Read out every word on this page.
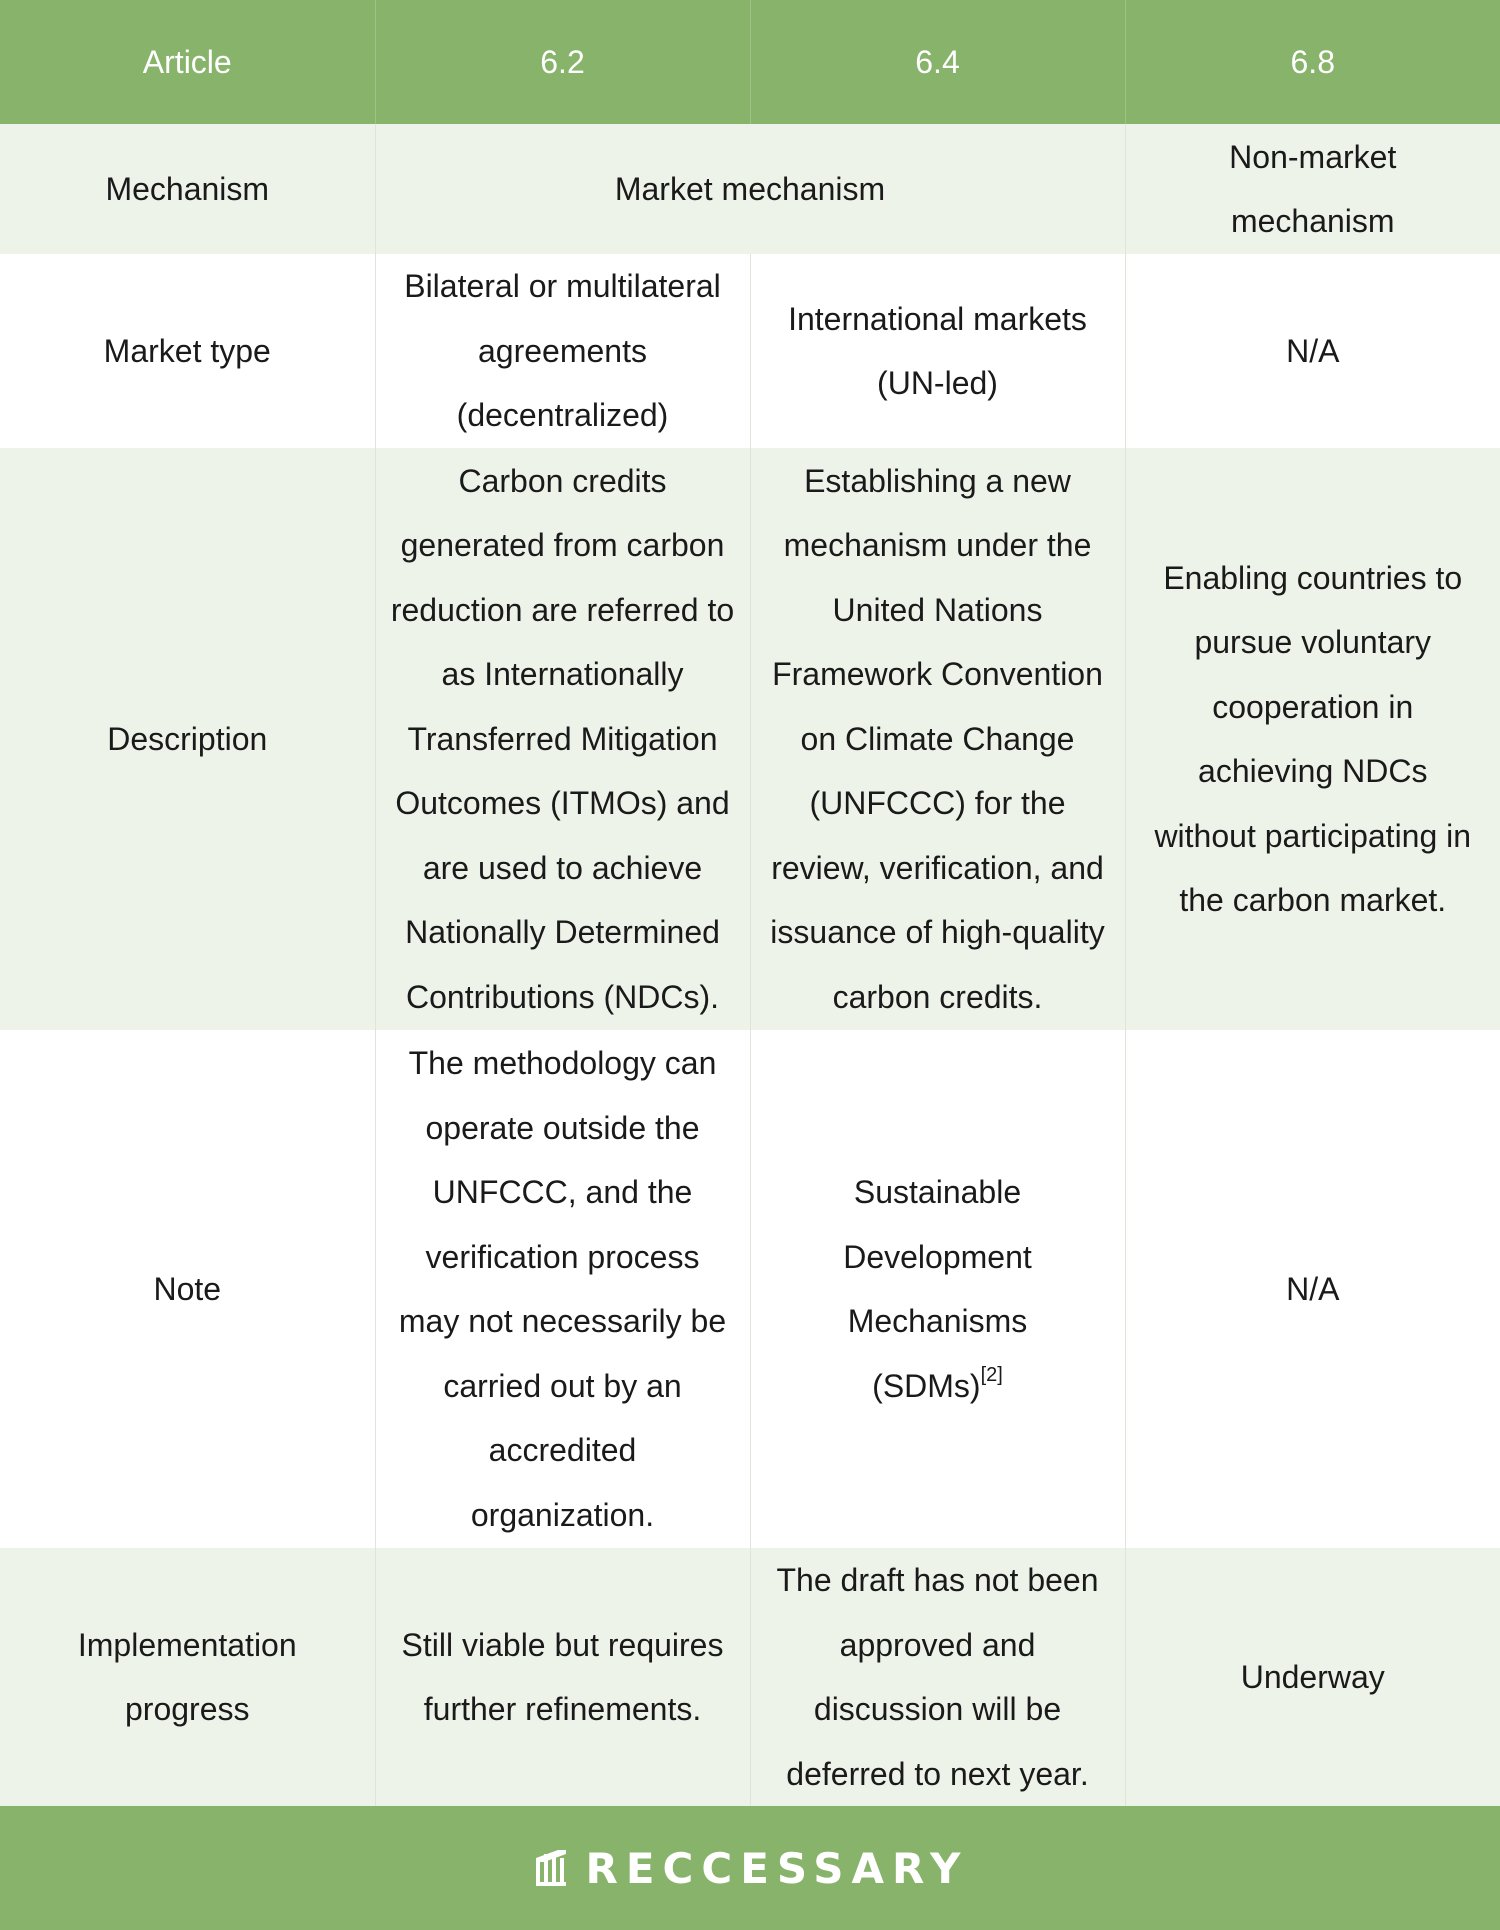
Article	6.2	6.4	6.8
Mechanism	Market mechanism		Non-market mechanism
Market type	Bilateral or multilateral agreements (decentralized)	International markets (UN-led)	N/A
Description	Carbon credits generated from carbon reduction are referred to as Internationally Transferred Mitigation Outcomes (ITMOs) and are used to achieve Nationally Determined Contributions (NDCs).	Establishing a new mechanism under the United Nations Framework Convention on Climate Change (UNFCCC) for the review, verification, and issuance of high-quality carbon credits.	Enabling countries to pursue voluntary cooperation in achieving NDCs without participating in the carbon market.
Note	The methodology can operate outside the UNFCCC, and the verification process may not necessarily be carried out by an accredited organization.	Sustainable Development Mechanisms (SDMs)[2]	N/A
Implementation progress	Still viable but requires further refinements.	The draft has not been approved and discussion will be deferred to next year.	Underway
RECCESSARY
